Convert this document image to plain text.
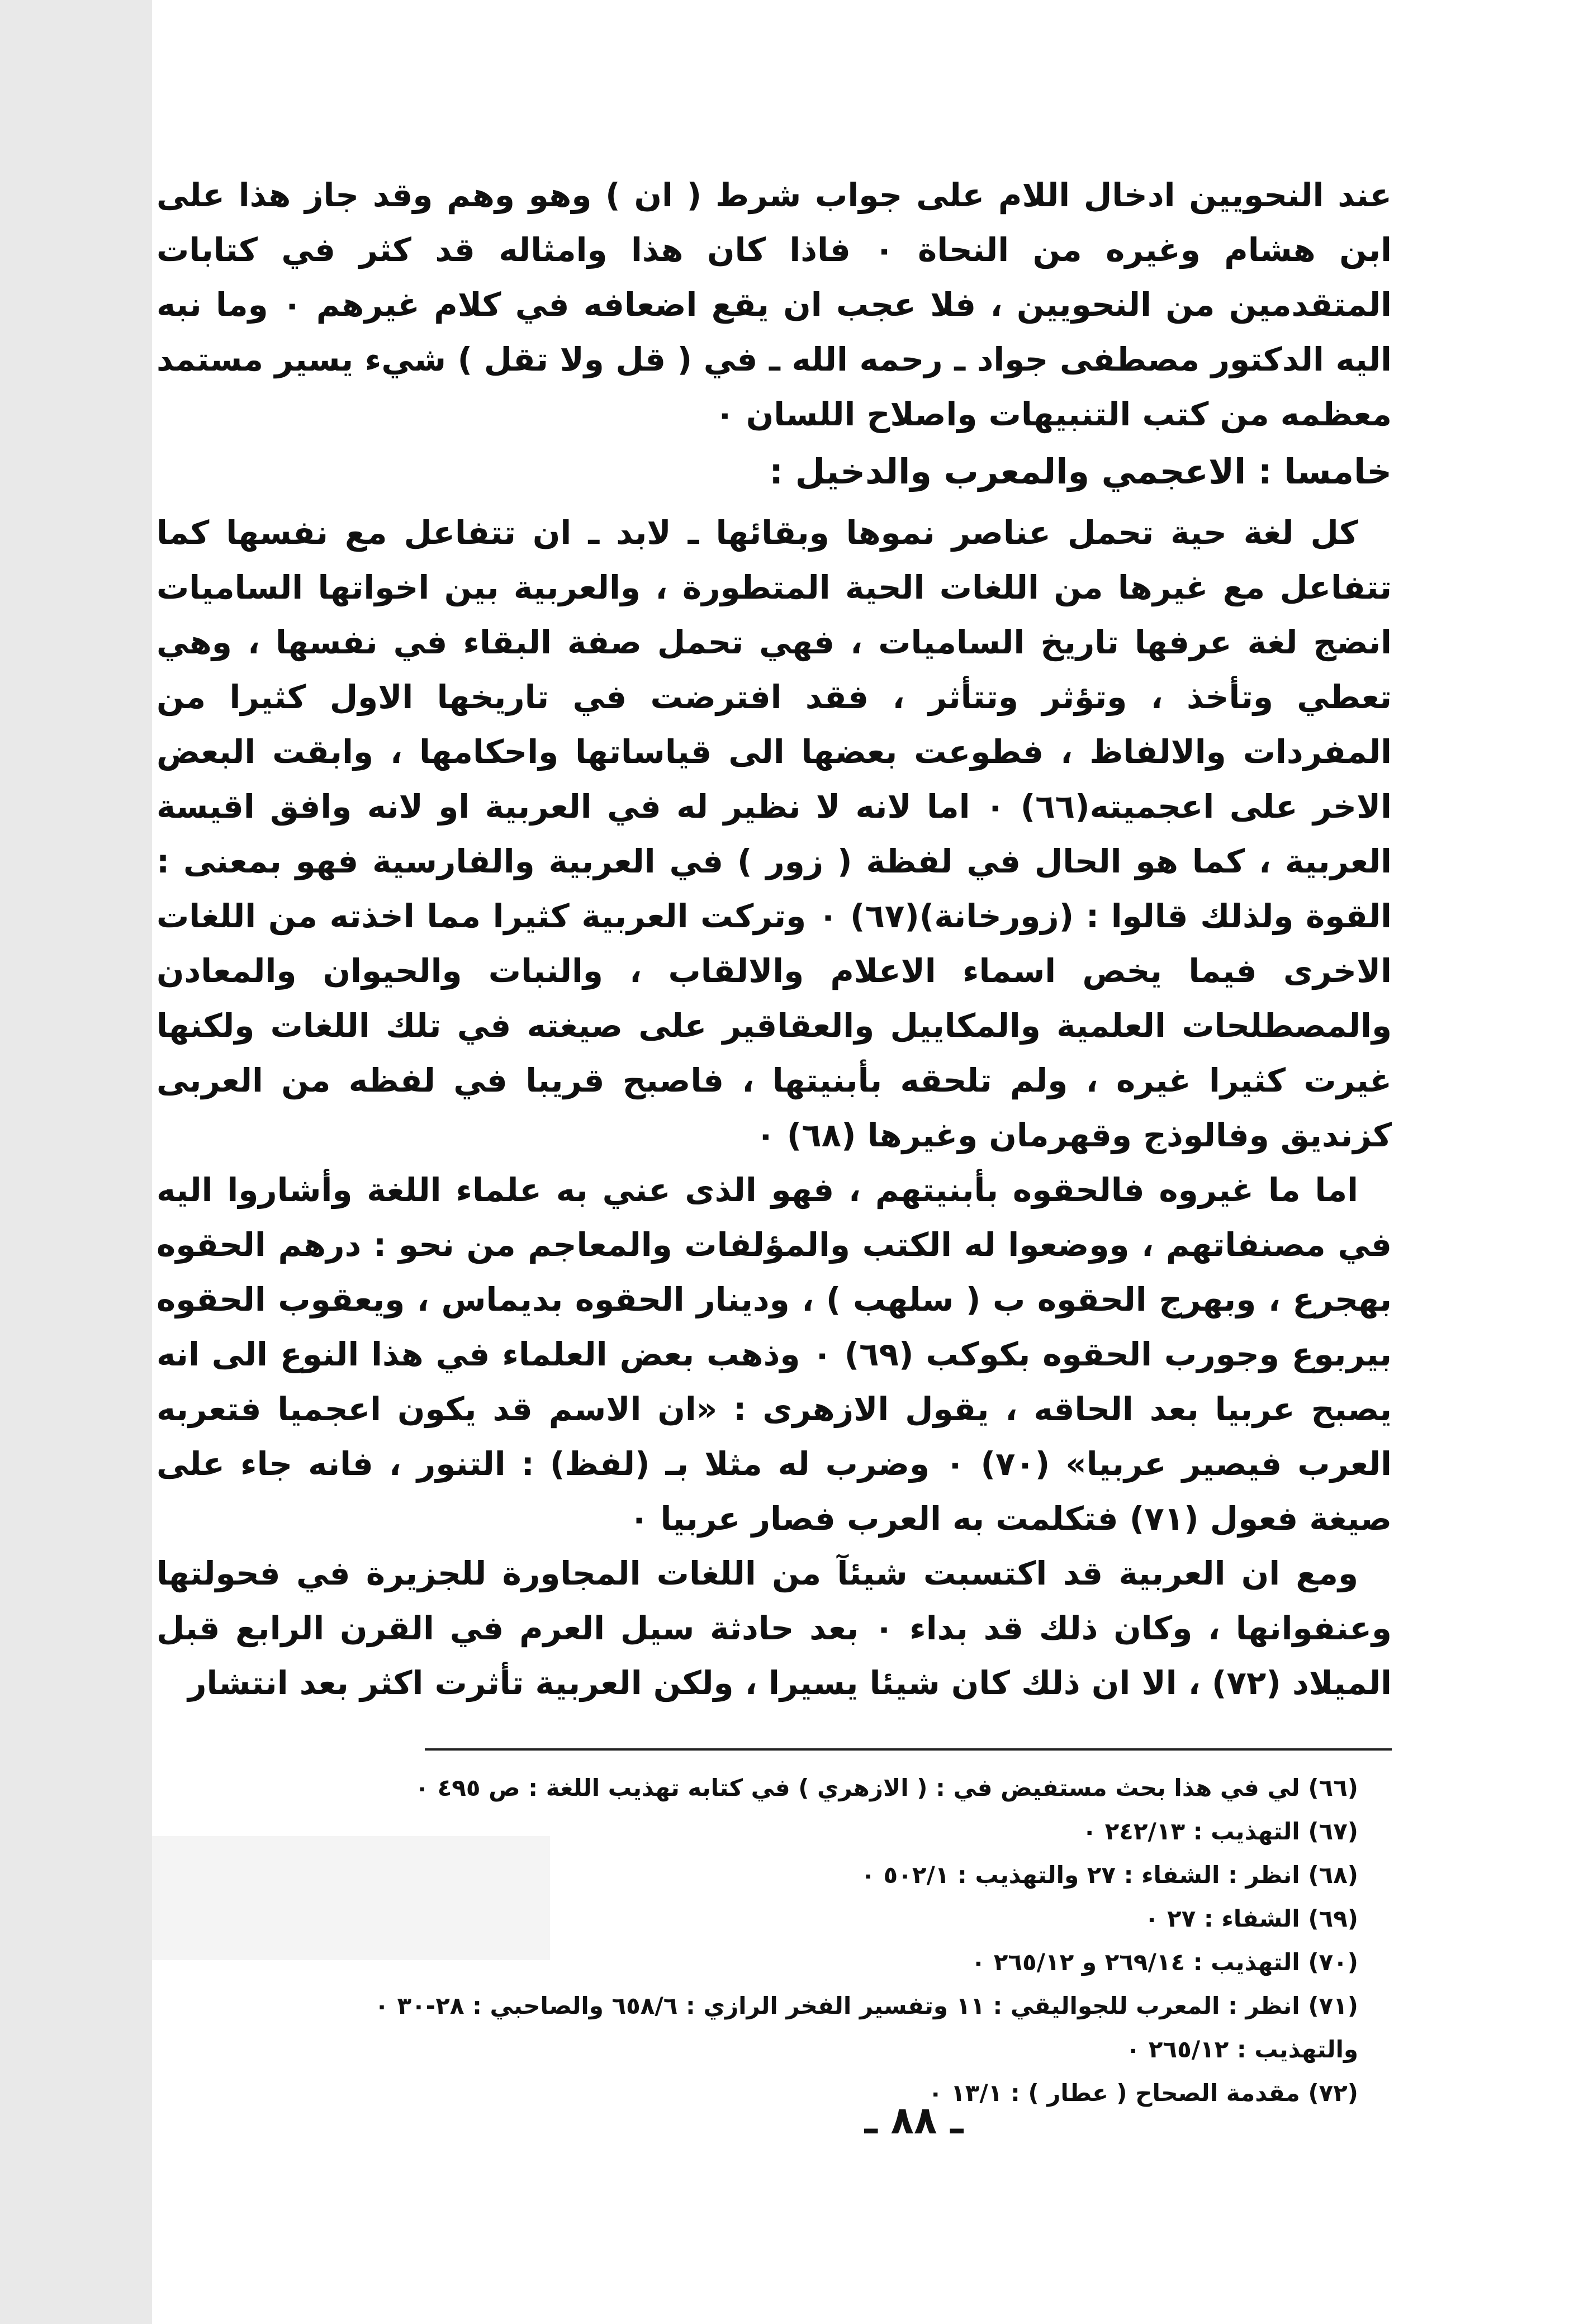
عند النحويين ادخال اللام على جواب شرط ( ان ) وهو وهم وقد جاز هذا على ابن هشام وغيره من النحاة ۰ فاذا كان هذا وامثاله قد كثر في كتابات المتقدمين من النحويين ، فلا عجب ان يقع اضعافه في كلام غيرهم ۰ وما نبه اليه الدكتور مصطفى جواد ـ رحمه الله ـ في ( قل ولا تقل ) شيء يسير مستمد معظمه من كتب التنبيهات واصلاح اللسان ۰

خامسا : الاعجمي والمعرب والدخيل :

كل لغة حية تحمل عناصر نموها وبقائها ـ لابد ـ ان تتفاعل مع نفسها كما تتفاعل مع غيرها من اللغات الحية المتطورة ، والعربية بين اخواتها الساميات انضج لغة عرفها تاريخ الساميات ، فهي تحمل صفة البقاء في نفسها ، وهي تعطي وتأخذ ، وتؤثر وتتأثر ، فقد افترضت في تاريخها الاول كثيرا من المفردات والالفاظ ، فطوعت بعضها الى قياساتها واحكامها ، وابقت البعض الاخر على اعجميته(٦٦) ۰ اما لانه لا نظير له في العربية او لانه وافق اقيسة العربية ، كما هو الحال في لفظة ( زور ) في العربية والفارسية فهو بمعنى : القوة ولذلك قالوا : (زورخانة)(٦٧) ۰ وتركت العربية كثيرا مما اخذته من اللغات الاخرى فيما يخص اسماء الاعلام والالقاب ، والنبات والحيوان والمعادن والمصطلحات العلمية والمكاييل والعقاقير على صيغته في تلك اللغات ولكنها غيرت كثيرا غيره ، ولم تلحقه بأبنيتها ، فاصبح قريبا في لفظه من العربى كزنديق وفالوذج وقهرمان وغيرها (٦٨) ۰

اما ما غيروه فالحقوه بأبنيتهم ، فهو الذى عني به علماء اللغة وأشاروا اليه في مصنفاتهم ، ووضعوا له الكتب والمؤلفات والمعاجم من نحو : درهم الحقوه بهجرع ، وبهرج الحقوه ب ( سلهب ) ، ودينار الحقوه بديماس ، ويعقوب الحقوه بيربوع وجورب الحقوه بكوكب (٦٩) ۰ وذهب بعض العلماء في هذا النوع الى انه يصبح عربيا بعد الحاقه ، يقول الازهرى : «ان الاسم قد يكون اعجميا فتعربه العرب فيصير عربيا» (٧٠) ۰ وضرب له مثلا بـ (لفظ) : التنور ، فانه جاء على صيغة فعول (٧١) فتكلمت به العرب فصار عربيا ۰

ومع ان العربية قد اكتسبت شيئآ من اللغات المجاورة للجزيرة في فحولتها وعنفوانها ، وكان ذلك قد بداء ۰ بعد حادثة سيل العرم في القرن الرابع قبل الميلاد (٧٢) ، الا ان ذلك كان شيئا يسيرا ، ولكن العربية تأثرت اكثر بعد انتشار

(٦٦) لي في هذا بحث مستفيض في : ( الازهري ) في كتابه تهذيب اللغة : ص ٤٩٥ ۰

(٦٧) التهذيب : ٢٤٢/١٣ ۰

(٦٨) انظر : الشفاء : ٢٧ والتهذيب : ٥٠٢/١ ۰

(٦٩) الشفاء : ٢٧ ۰

(٧٠) التهذيب : ٢٦٩/١٤ و ٢٦٥/١٢ ۰

(٧١) انظر : المعرب للجواليقي : ١١ وتفسير الفخر الرازي : ٦٥٨/٦ والصاحبي : ٢٨-٣٠ ۰

والتهذيب : ٢٦٥/١٢ ۰

(٧٢) مقدمة الصحاح ( عطار ) : ١٣/١ ۰

ـ ٨٨ ـ
